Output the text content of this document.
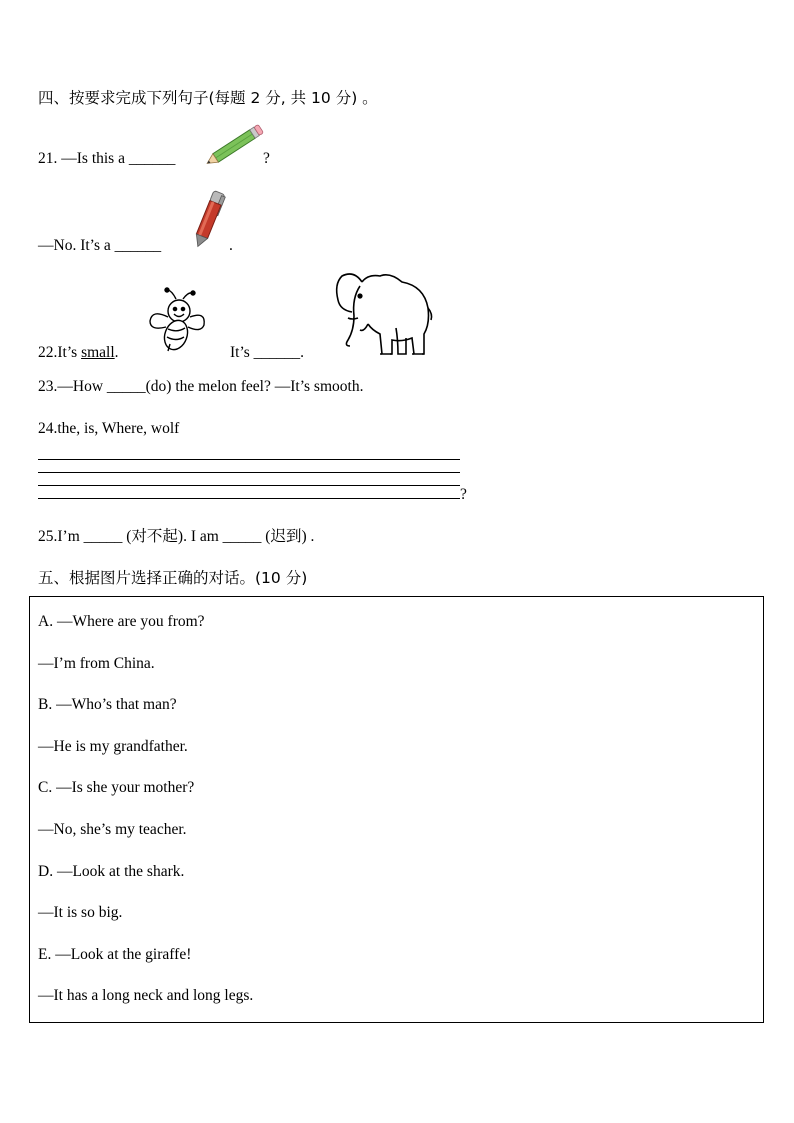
四、按要求完成下列句子(每题 2 分, 共 10 分) 。
21. —Is this a ______	?
—No. It’s a ______	.
22.It’s small.	It’s ______.
23.—How _____(do) the melon feel? —It’s smooth.
24.the, is, Where, wolf
?
25.I’m _____ (对不起). I am _____ (迟到) .
五、根据图片选择正确的对话。(10 分)
A. —Where are you from?
—I’m from China.
B. —Who’s that man?
—He is my grandfather.
C. —Is she your mother?
—No, she’s my teacher.
D. —Look at the shark.
—It is so big.
E. —Look at the giraffe!
—It has a long neck and long legs.
